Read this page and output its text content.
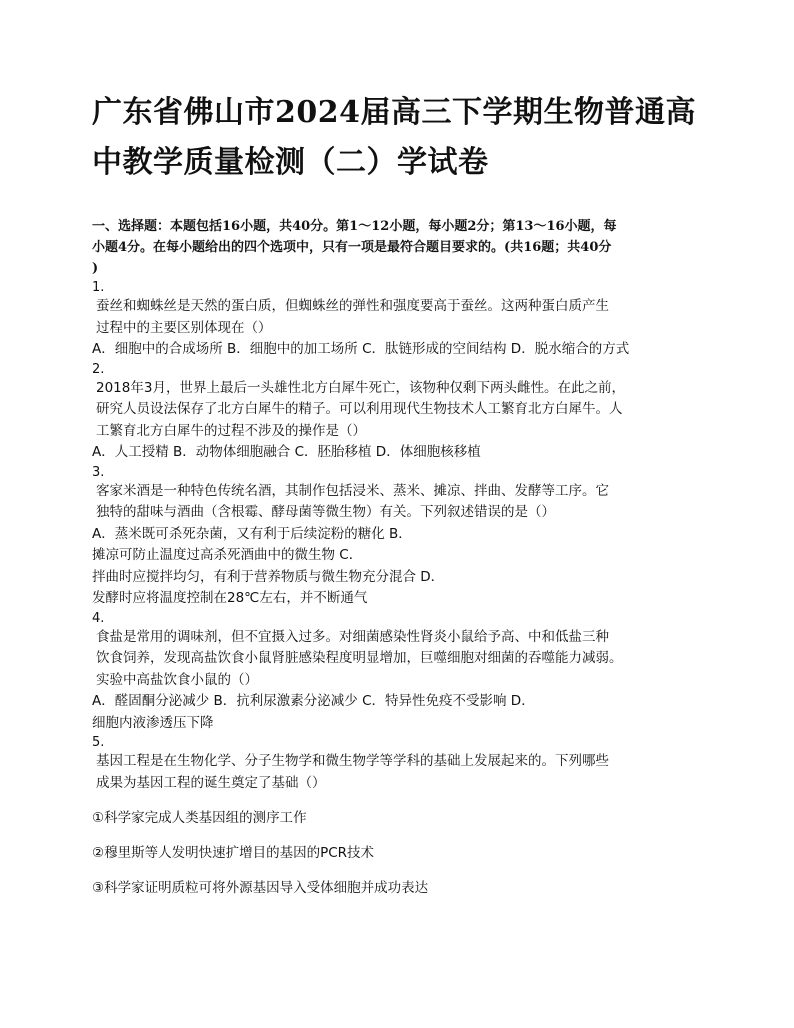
广东省佛山市2024届高三下学期生物普通高
中教学质量检测（二）学试卷
一、选择题：本题包括16小题，共40分。第1～12小题，每小题2分；第13～16小题，每
小题4分。在每小题给出的四个选项中，只有一项是最符合题目要求的。(共16题；共40分
)
1.
蚕丝和蜘蛛丝是天然的蛋白质，但蜘蛛丝的弹性和强度要高于蚕丝。这两种蛋白质产生
过程中的主要区别体现在（）
A．细胞中的合成场所 B．细胞中的加工场所 C．肽链形成的空间结构 D．脱水缩合的方式
2.
2018年3月，世界上最后一头雄性北方白犀牛死亡，该物种仅剩下两头雌性。在此之前，
研究人员设法保存了北方白犀牛的精子。可以利用现代生物技术人工繁育北方白犀牛。人
工繁育北方白犀牛的过程不涉及的操作是（）
A．人工授精 B．动物体细胞融合 C．胚胎移植 D．体细胞核移植
3.
客家米酒是一种特色传统名酒，其制作包括浸米、蒸米、摊凉、拌曲、发酵等工序。它
独特的甜味与酒曲（含根霉、酵母菌等微生物）有关。下列叙述错误的是（）
A．蒸米既可杀死杂菌，又有利于后续淀粉的糖化 B．
摊凉可防止温度过高杀死酒曲中的微生物 C．
拌曲时应搅拌均匀，有利于营养物质与微生物充分混合 D．
发酵时应将温度控制在28℃左右，并不断通气
4.
食盐是常用的调味剂，但不宜摄入过多。对细菌感染性肾炎小鼠给予高、中和低盐三种
饮食饲养，发现高盐饮食小鼠肾脏感染程度明显增加，巨噬细胞对细菌的吞噬能力减弱。
实验中高盐饮食小鼠的（）
A．醛固酮分泌减少 B．抗利尿激素分泌减少 C．特异性免疫不受影响 D．
细胞内液渗透压下降
5.
基因工程是在生物化学、分子生物学和微生物学等学科的基础上发展起来的。下列哪些
成果为基因工程的诞生奠定了基础（）
①科学家完成人类基因组的测序工作
②穆里斯等人发明快速扩增目的基因的PCR技术
③科学家证明质粒可将外源基因导入受体细胞并成功表达
